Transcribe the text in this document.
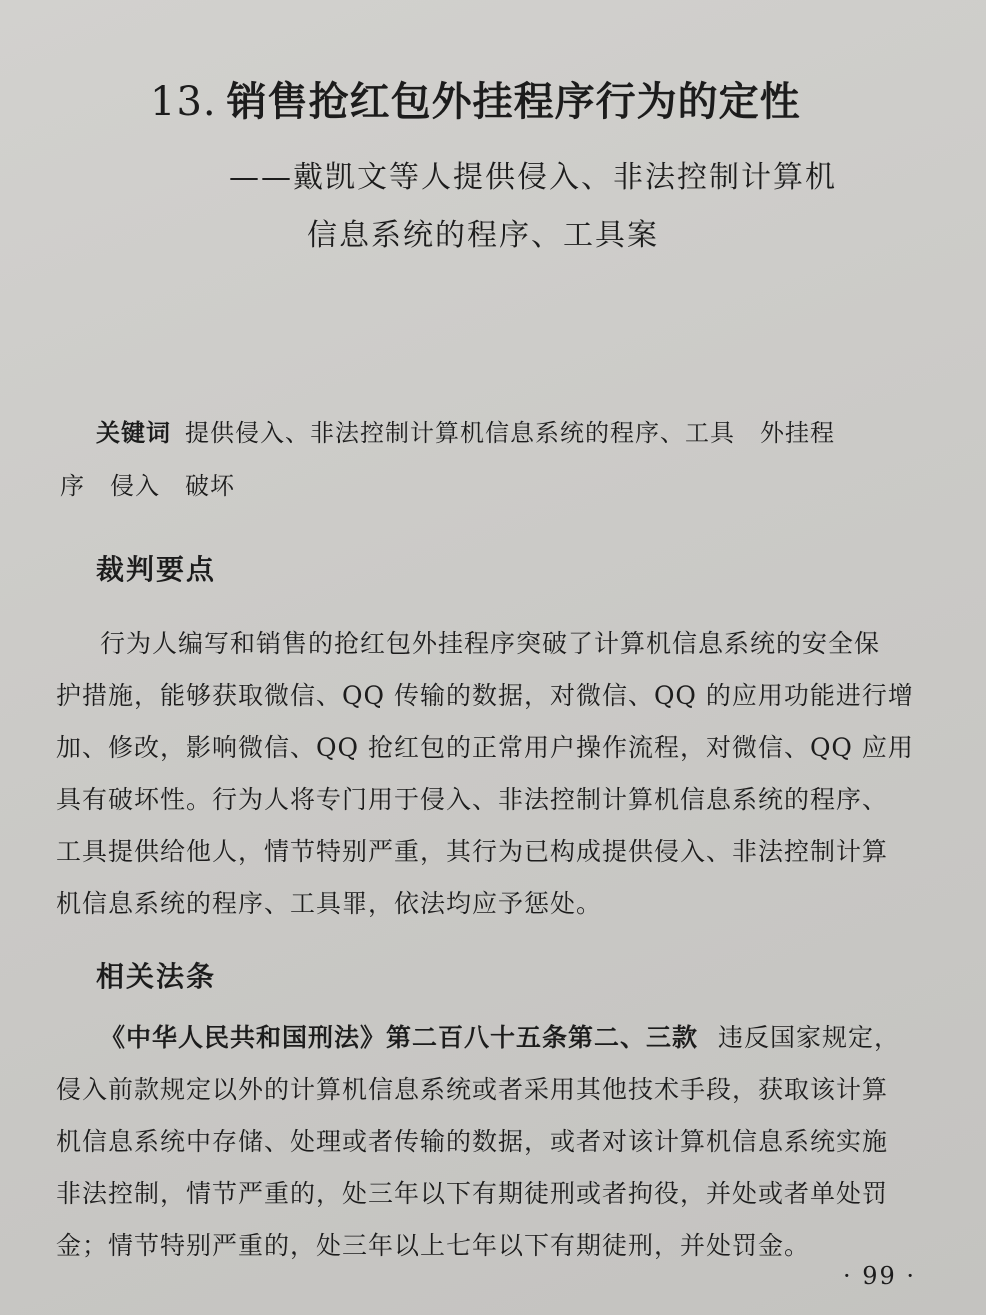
13. 销售抢红包外挂程序行为的定性
——戴凯文等人提供侵入、非法控制计算机
信息系统的程序、工具案
关键词 提供侵入、非法控制计算机信息系统的程序、工具　外挂程
序　侵入　破坏
裁判要点
行为人编写和销售的抢红包外挂程序突破了计算机信息系统的安全保
护措施，能够获取微信、QQ 传输的数据，对微信、QQ 的应用功能进行增
加、修改，影响微信、QQ 抢红包的正常用户操作流程，对微信、QQ 应用
具有破坏性。行为人将专门用于侵入、非法控制计算机信息系统的程序、
工具提供给他人，情节特别严重，其行为已构成提供侵入、非法控制计算
机信息系统的程序、工具罪，依法均应予惩处。
相关法条
《中华人民共和国刑法》第二百八十五条第二、三款 违反国家规定，
侵入前款规定以外的计算机信息系统或者采用其他技术手段，获取该计算
机信息系统中存储、处理或者传输的数据，或者对该计算机信息系统实施
非法控制，情节严重的，处三年以下有期徒刑或者拘役，并处或者单处罚
金；情节特别严重的，处三年以上七年以下有期徒刑，并处罚金。
· 99 ·
